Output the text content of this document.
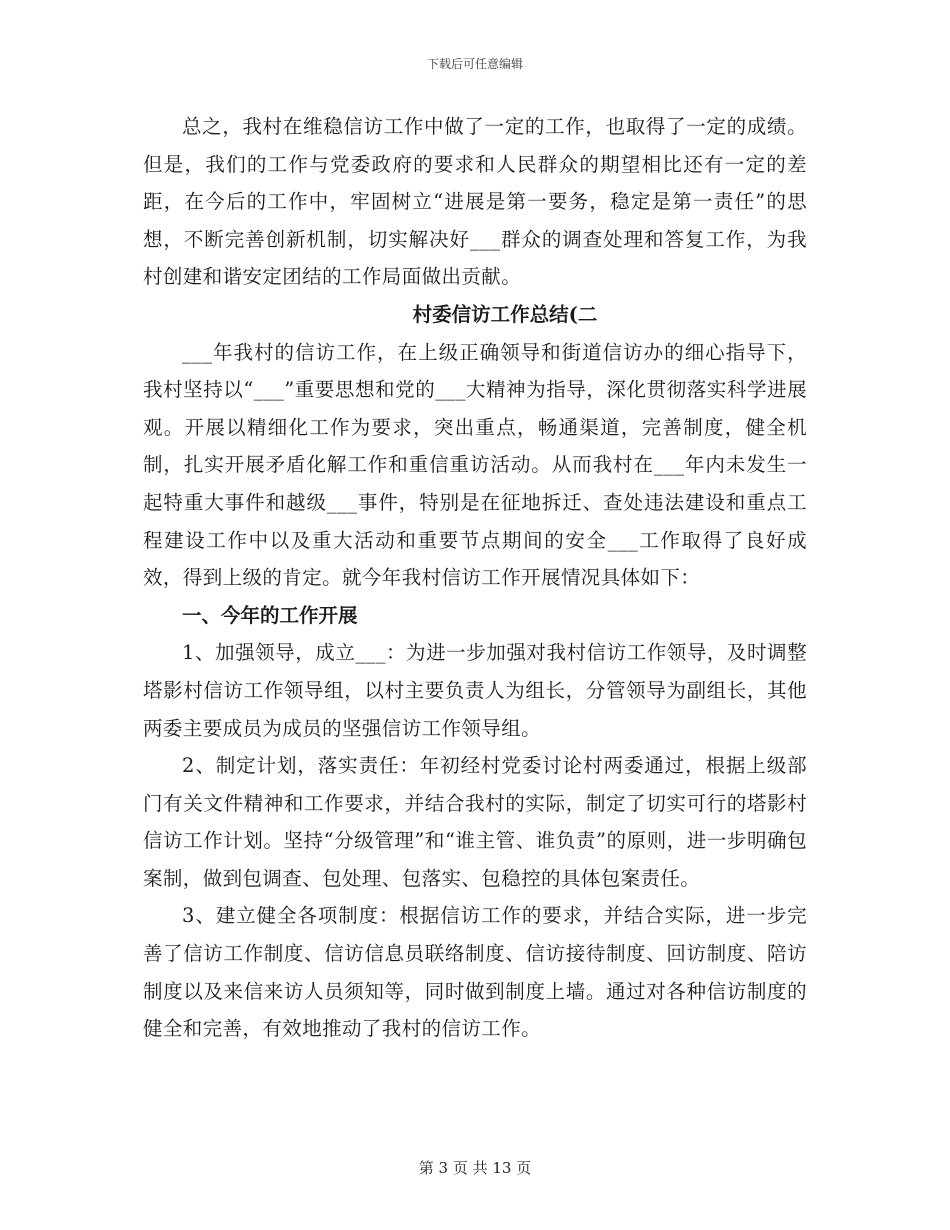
下载后可任意编辑

总之，我村在维稳信访工作中做了一定的工作，也取得了一定的成绩。但是，我们的工作与党委政府的要求和人民群众的期望相比还有一定的差距，在今后的工作中，牢固树立“进展是第一要务，稳定是第一责任”的思想，不断完善创新机制，切实解决好___群众的调查处理和答复工作，为我村创建和谐安定团结的工作局面做出贡献。

村委信访工作总结(二

___年我村的信访工作，在上级正确领导和街道信访办的细心指导下，我村坚持以“___”重要思想和党的___大精神为指导，深化贯彻落实科学进展观。开展以精细化工作为要求，突出重点，畅通渠道，完善制度，健全机制，扎实开展矛盾化解工作和重信重访活动。从而我村在___年内未发生一起特重大事件和越级___事件，特别是在征地拆迁、查处违法建设和重点工程建设工作中以及重大活动和重要节点期间的安全___工作取得了良好成效，得到上级的肯定。就今年我村信访工作开展情况具体如下：

一、今年的工作开展

1、加强领导，成立___：为进一步加强对我村信访工作领导，及时调整塔影村信访工作领导组，以村主要负责人为组长，分管领导为副组长，其他两委主要成员为成员的坚强信访工作领导组。

2、制定计划，落实责任：年初经村党委讨论村两委通过，根据上级部门有关文件精神和工作要求，并结合我村的实际，制定了切实可行的塔影村信访工作计划。坚持“分级管理”和“谁主管、谁负责”的原则，进一步明确包案制，做到包调查、包处理、包落实、包稳控的具体包案责任。

3、建立健全各项制度：根据信访工作的要求，并结合实际，进一步完善了信访工作制度、信访信息员联络制度、信访接待制度、回访制度、陪访制度以及来信来访人员须知等，同时做到制度上墙。通过对各种信访制度的健全和完善，有效地推动了我村的信访工作。

第 3 页 共 13 页
